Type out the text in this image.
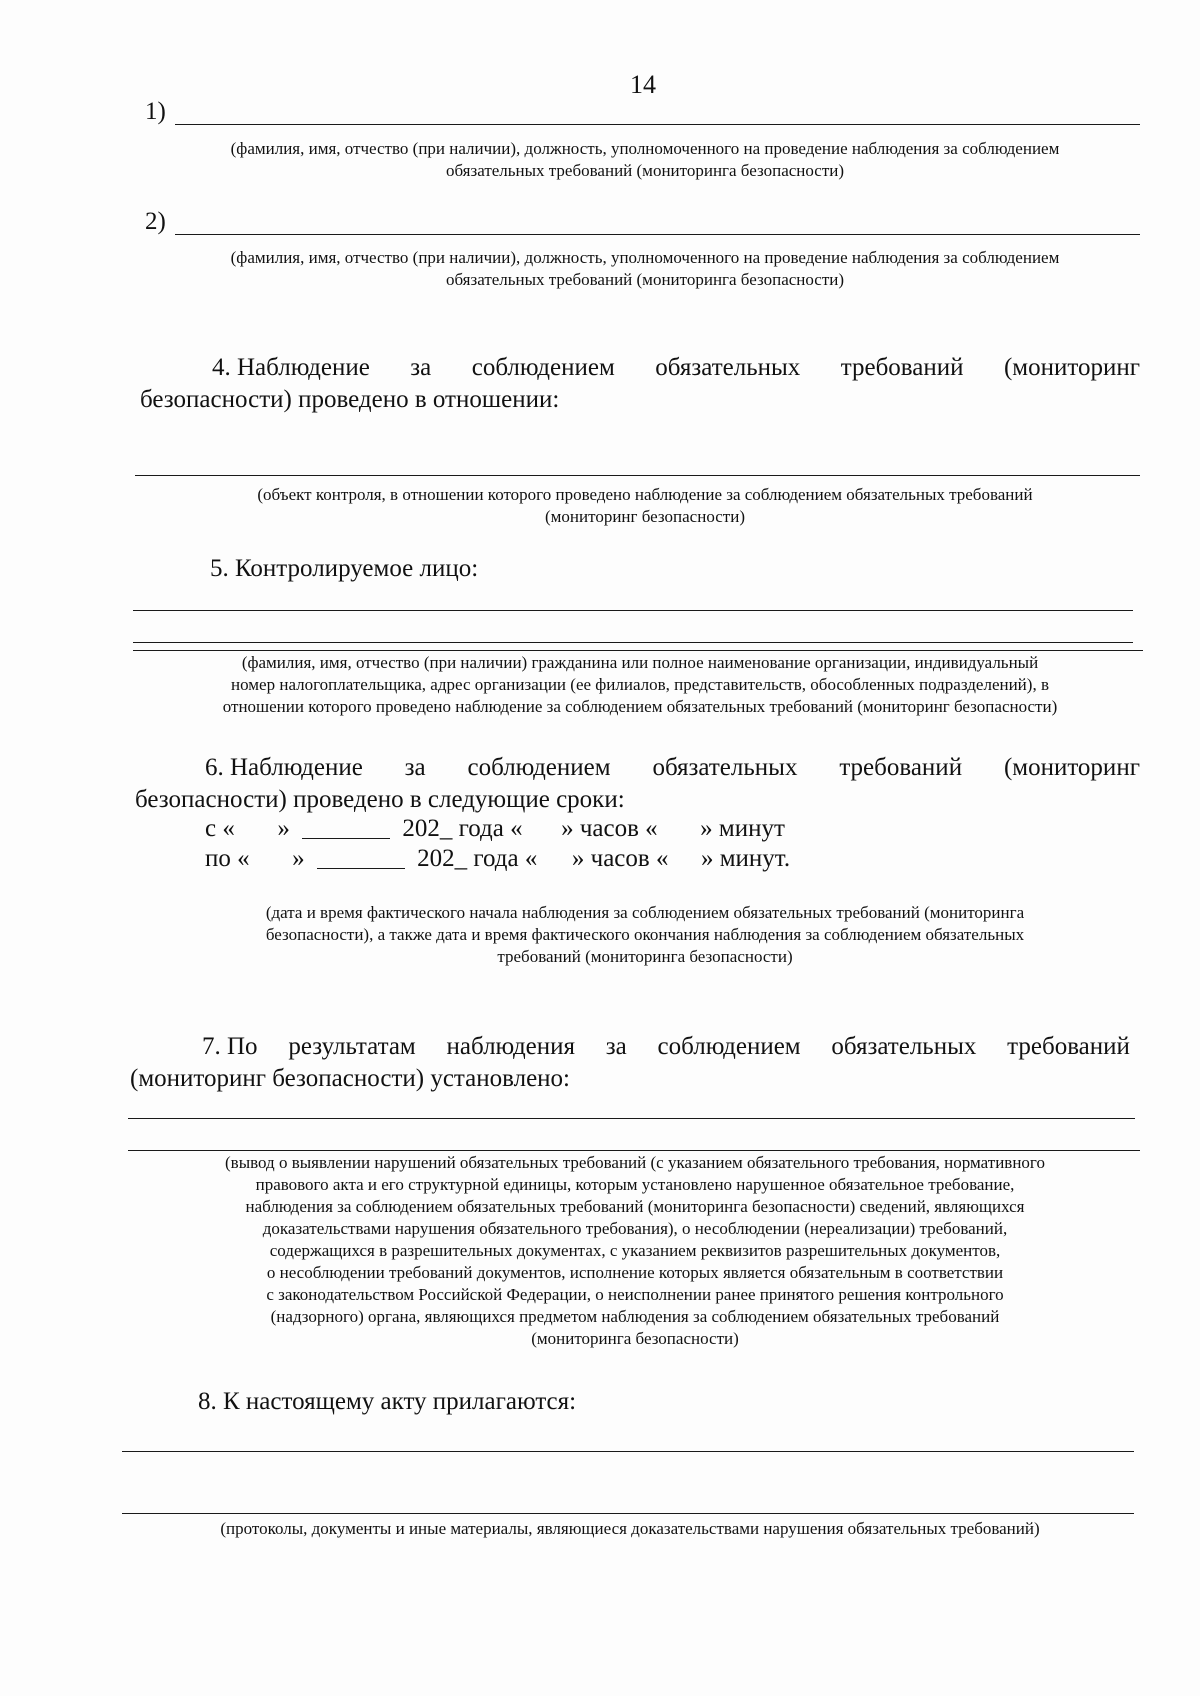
14
1)
(фамилия, имя, отчество (при наличии), должность, уполномоченного на проведение наблюдения за соблюдением
обязательных требований (мониторинга безопасности)
2)
(фамилия, имя, отчество (при наличии), должность, уполномоченного на проведение наблюдения за соблюдением
обязательных требований (мониторинга безопасности)
4. Наблюдение за соблюдением обязательных требований (мониторинг
безопасности) проведено в отношении:
(объект контроля, в отношении которого проведено наблюдение за соблюдением обязательных требований
(мониторинг безопасности)
5. Контролируемое лицо:
(фамилия, имя, отчество (при наличии) гражданина или полное наименование организации, индивидуальный
номер налогоплательщика, адрес организации (ее филиалов, представительств, обособленных подразделений), в
отношении которого проведено наблюдение за соблюдением обязательных требований (мониторинг безопасности)
6. Наблюдение за соблюдением обязательных требований (мониторинг
безопасности) проведено в следующие сроки:
с « »	202_ года « » часов « » минут
по « »	202_ года « » часов « » минут.
(дата и время фактического начала наблюдения за соблюдением обязательных требований (мониторинга
безопасности), а также дата и время фактического окончания наблюдения за соблюдением обязательных
требований (мониторинга безопасности)
7. По результатам наблюдения за соблюдением обязательных требований
(мониторинг безопасности) установлено:
(вывод о выявлении нарушений обязательных требований (с указанием обязательного требования, нормативного
правового акта и его структурной единицы, которым установлено нарушенное обязательное требование,
наблюдения за соблюдением обязательных требований (мониторинга безопасности) сведений, являющихся
доказательствами нарушения обязательного требования), о несоблюдении (нереализации) требований,
содержащихся в разрешительных документах, с указанием реквизитов разрешительных документов,
о несоблюдении требований документов, исполнение которых является обязательным в соответствии
с законодательством Российской Федерации, о неисполнении ранее принятого решения контрольного
(надзорного) органа, являющихся предметом наблюдения за соблюдением обязательных требований
(мониторинга безопасности)
8. К настоящему акту прилагаются:
(протоколы, документы и иные материалы, являющиеся доказательствами нарушения обязательных требований)
